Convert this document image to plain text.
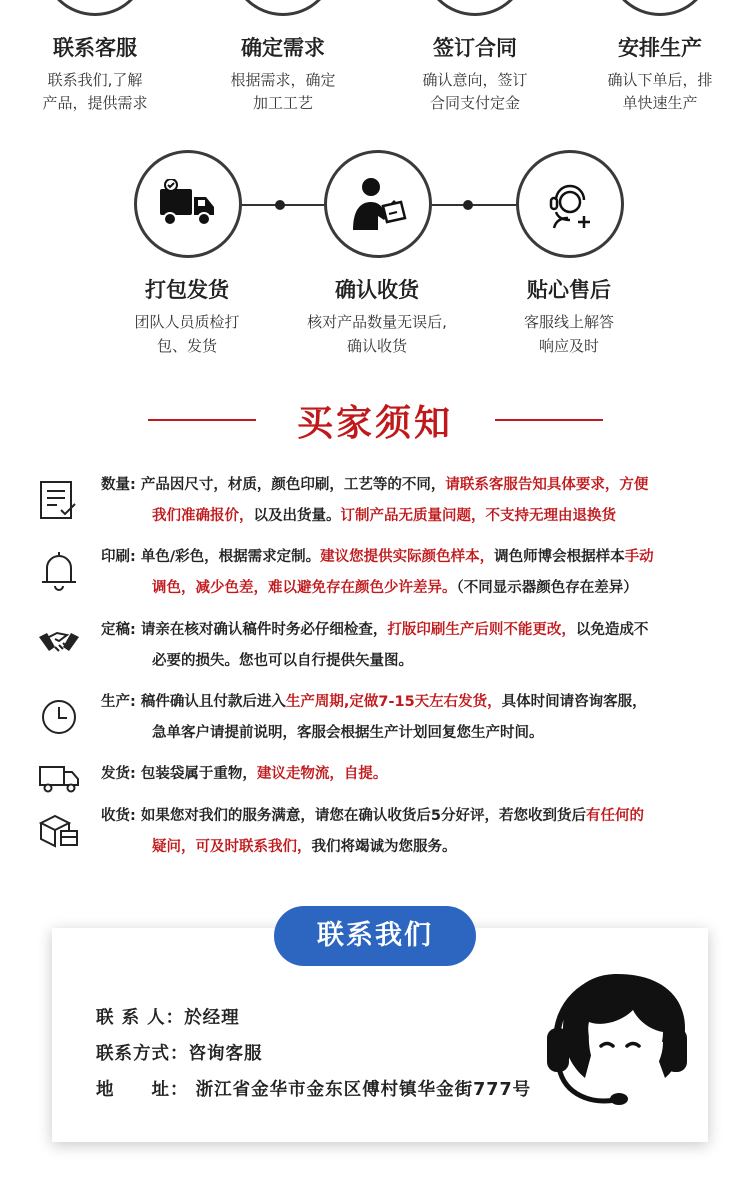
联系客服
联系我们,了解
产品，提供需求
确定需求
根据需求，确定
加工工艺
签订合同
确认意向，签订
合同支付定金
安排生产
确认下单后，排
单快速生产
打包发货
团队人员质检打
包、发货
确认收货
核对产品数量无误后,
确认收货
贴心售后
客服线上解答
响应及时
买家须知
数量: 产品因尺寸，材质，颜色印刷，工艺等的不同，请联系客服告知具体要求，方便
我们准确报价，以及出货量。订制产品无质量问题，不支持无理由退换货
印刷: 单色/彩色，根据需求定制。建议您提供实际颜色样本，调色师博会根据样本手动
调色，减少色差，难以避免存在颜色少许差异。（不同显示器颜色存在差异）
定稿: 请亲在核对确认稿件时务必仔细检查，打版印刷生产后则不能更改，以免造成不
必要的损失。您也可以自行提供矢量图。
生产: 稿件确认且付款后进入生产周期,定做7-15天左右发货，具体时间请咨询客服，
急单客户请提前说明，客服会根据生产计划回复您生产时间。
发货: 包装袋属于重物，建议走物流，自提。
收货: 如果您对我们的服务满意，请您在确认收货后5分好评，若您收到货后有任何的
疑问，可及时联系我们，我们将竭诚为您服务。
联系我们
联 系 人：於经理
联系方式：咨询客服
地　　址： 浙江省金华市金东区傅村镇华金街777号
